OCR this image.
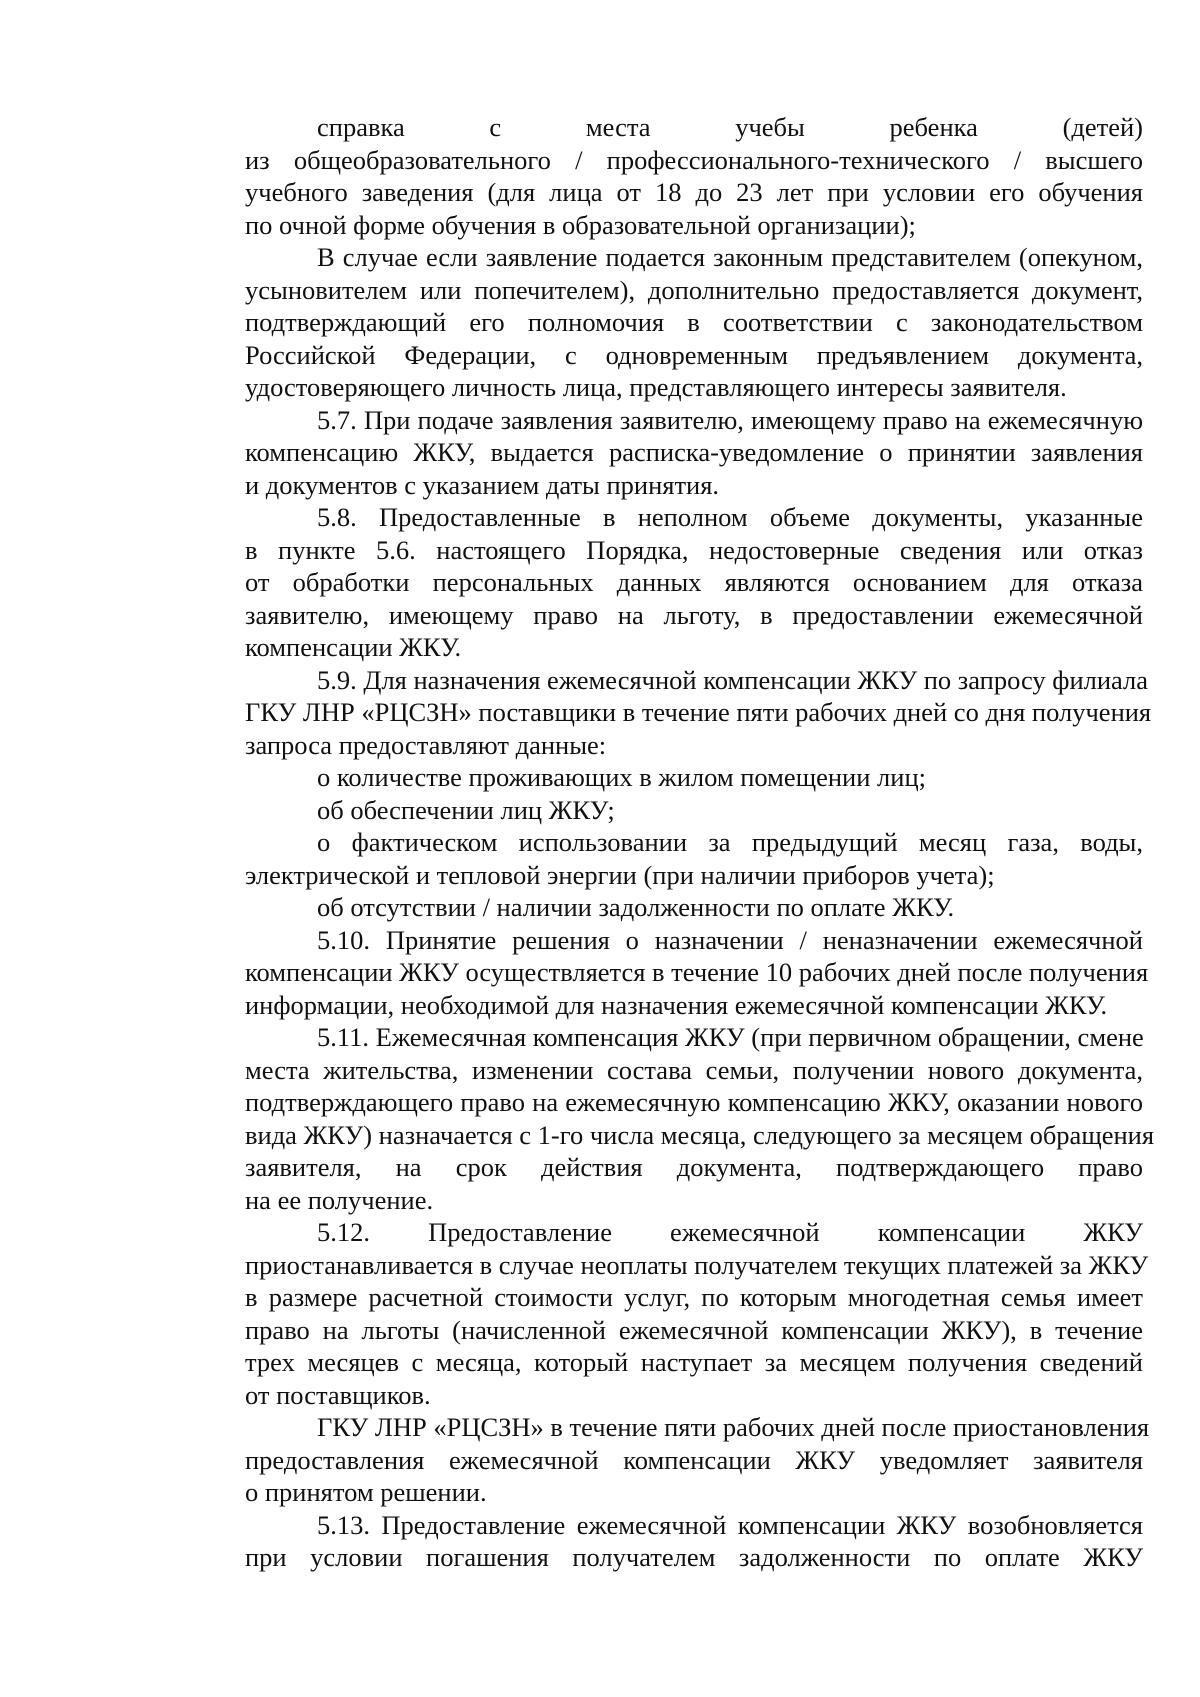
справка с места учебы ребенка (детей)
из общеобразовательного / профессионального-технического / высшего
учебного заведения (для лица от 18 до 23 лет при условии его обучения
по очной форме обучения в образовательной организации);
В случае если заявление подается законным представителем (опекуном,
усыновителем или попечителем), дополнительно предоставляется документ,
подтверждающий его полномочия в соответствии с законодательством
Российской Федерации, с одновременным предъявлением документа,
удостоверяющего личность лица, представляющего интересы заявителя.
5.7. При подаче заявления заявителю, имеющему право на ежемесячную
компенсацию ЖКУ, выдается расписка-уведомление о принятии заявления
и документов с указанием даты принятия.
5.8. Предоставленные в неполном объеме документы, указанные
в пункте 5.6. настоящего Порядка, недостоверные сведения или отказ
от обработки персональных данных являются основанием для отказа
заявителю, имеющему право на льготу, в предоставлении ежемесячной
компенсации ЖКУ.
5.9. Для назначения ежемесячной компенсации ЖКУ по запросу филиала
ГКУ ЛНР «РЦСЗН» поставщики в течение пяти рабочих дней со дня получения
запроса предоставляют данные:
о количестве проживающих в жилом помещении лиц;
об обеспечении лиц ЖКУ;
о фактическом использовании за предыдущий месяц газа, воды,
электрической и тепловой энергии (при наличии приборов учета);
об отсутствии / наличии задолженности по оплате ЖКУ.
5.10. Принятие решения о назначении / неназначении ежемесячной
компенсации ЖКУ осуществляется в течение 10 рабочих дней после получения
информации, необходимой для назначения ежемесячной компенсации ЖКУ.
5.11. Ежемесячная компенсация ЖКУ (при первичном обращении, смене
места жительства, изменении состава семьи, получении нового документа,
подтверждающего право на ежемесячную компенсацию ЖКУ, оказании нового
вида ЖКУ) назначается с 1-го числа месяца, следующего за месяцем обращения
заявителя, на срок действия документа, подтверждающего право
на ее получение.
5.12. Предоставление ежемесячной компенсации ЖКУ
приостанавливается в случае неоплаты получателем текущих платежей за ЖКУ
в размере расчетной стоимости услуг, по которым многодетная семья имеет
право на льготы (начисленной ежемесячной компенсации ЖКУ), в течение
трех месяцев с месяца, который наступает за месяцем получения сведений
от поставщиков.
ГКУ ЛНР «РЦСЗН» в течение пяти рабочих дней после приостановления
предоставления ежемесячной компенсации ЖКУ уведомляет заявителя
о принятом решении.
5.13. Предоставление ежемесячной компенсации ЖКУ возобновляется
при условии погашения получателем задолженности по оплате ЖКУ
